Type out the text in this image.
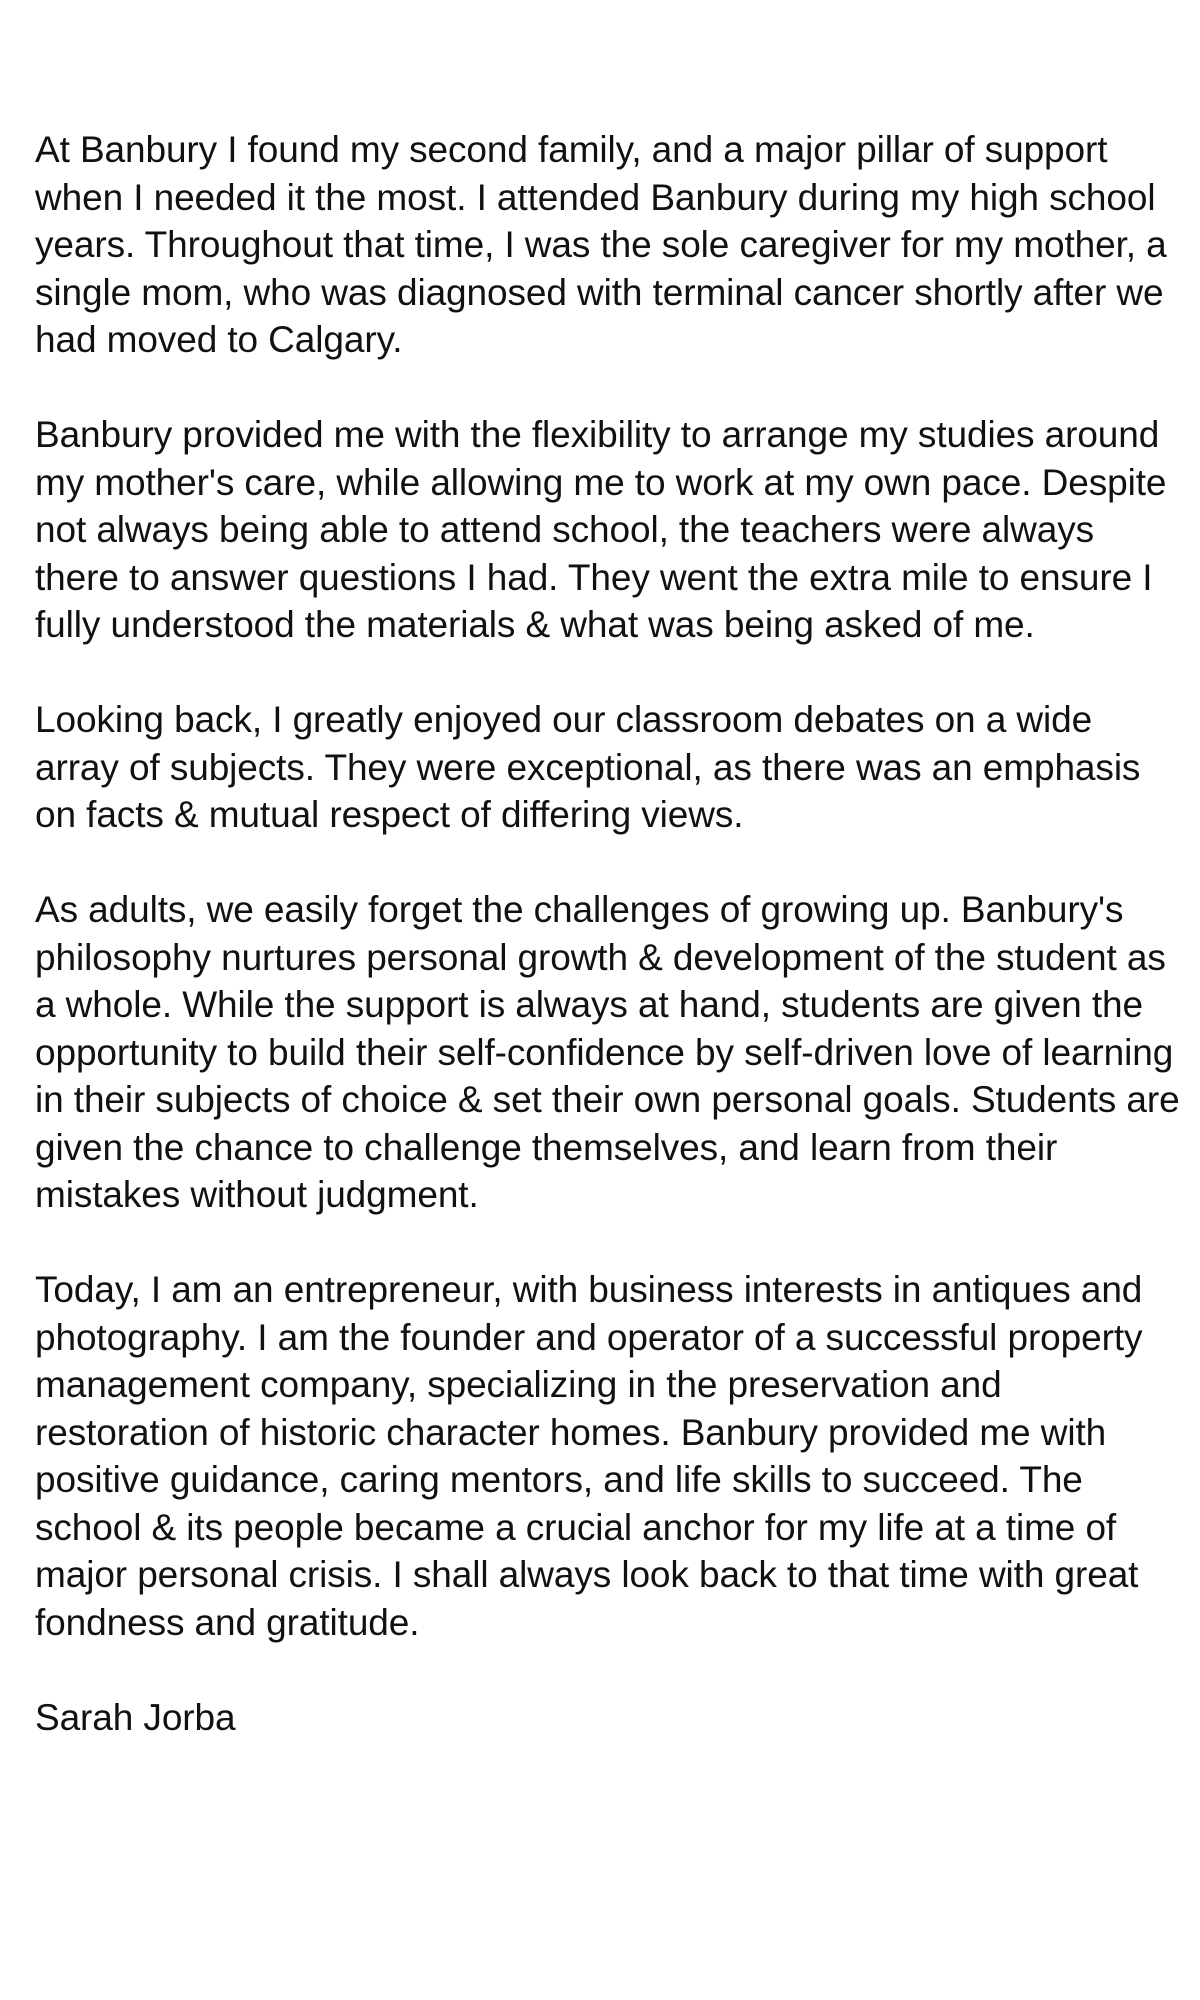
At Banbury I found my second family, and a major pillar of support when I needed it the most. I attended Banbury during my high school years. Throughout that time, I was the sole caregiver for my mother, a single mom, who was diagnosed with terminal cancer shortly after we had moved to Calgary.

Banbury provided me with the flexibility to arrange my studies around my mother's care, while allowing me to work at my own pace. Despite not always being able to attend school, the teachers were always there to answer questions I had. They went the extra mile to ensure I fully understood the materials & what was being asked of me.

Looking back, I greatly enjoyed our classroom debates on a wide array of subjects. They were exceptional, as there was an emphasis on facts & mutual respect of differing views.

As adults, we easily forget the challenges of growing up. Banbury's philosophy nurtures personal growth & development of the student as a whole. While the support is always at hand, students are given the opportunity to build their self-confidence by self-driven love of learning in their subjects of choice & set their own personal goals. Students are given the chance to challenge themselves, and learn from their mistakes without judgment.

Today, I am an entrepreneur, with business interests in antiques and photography. I am the founder and operator of a successful property management company, specializing in the preservation and restoration of historic character homes. Banbury provided me with positive guidance, caring mentors, and life skills to succeed. The school & its people became a crucial anchor for my life at a time of major personal crisis. I shall always look back to that time with great fondness and gratitude.

Sarah Jorba
